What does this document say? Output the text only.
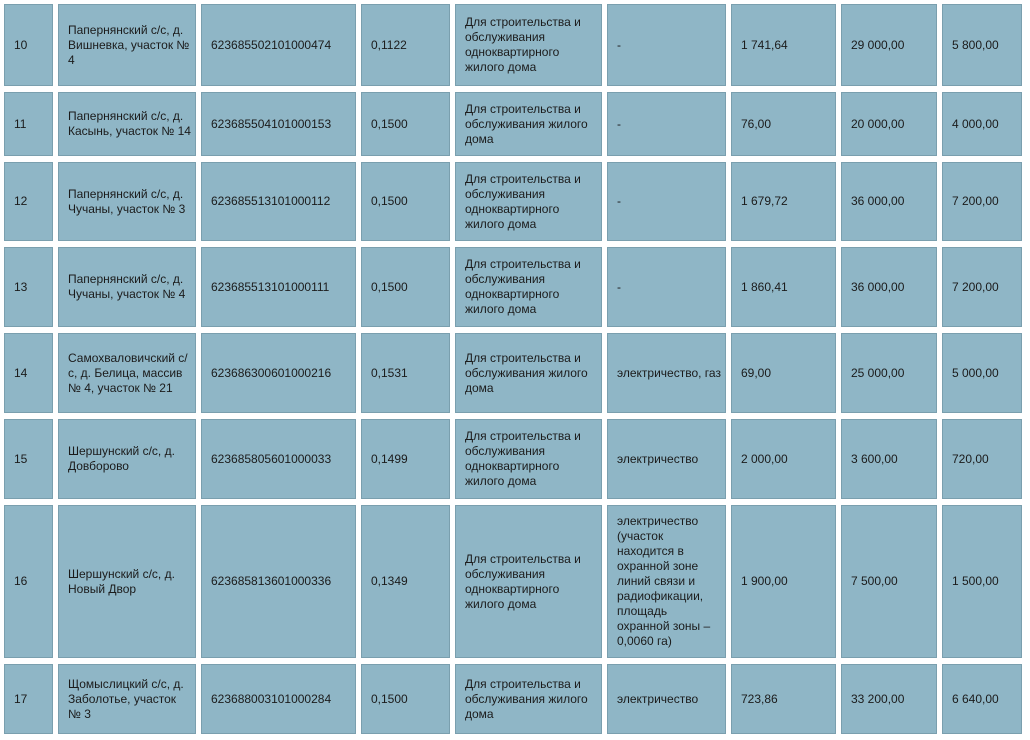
10	Папернянский с/с, д. Вишневка, участок № 4	623685502101000474	0,1122	Для строительства и обслуживания одноквартирного жилого дома	-	1 741,64	29 000,00	5 800,00
11	Папернянский с/с, д. Касынь, участок № 14	623685504101000153	0,1500	Для строительства и обслуживания жилого дома	-	76,00	20 000,00	4 000,00
12	Папернянский с/с, д. Чучаны, участок № 3	623685513101000112	0,1500	Для строительства и обслуживания одноквартирного жилого дома	-	1 679,72	36 000,00	7 200,00
13	Папернянский с/с, д. Чучаны, участок № 4	623685513101000111	0,1500	Для строительства и обслуживания одноквартирного жилого дома	-	1 860,41	36 000,00	7 200,00
14	Самохваловичский с/с, д. Белица, массив № 4, участок № 21	623686300601000216	0,1531	Для строительства и обслуживания жилого дома	электричество, газ	69,00	25 000,00	5 000,00
15	Шершунский с/с, д. Довборово	623685805601000033	0,1499	Для строительства и обслуживания одноквартирного жилого дома	электричество	2 000,00	3 600,00	720,00
16	Шершунский с/с, д. Новый Двор	623685813601000336	0,1349	Для строительства и обслуживания одноквартирного жилого дома	электричество (участок находится в охранной зоне линий связи и радиофикации, площадь охранной зоны – 0,0060 га)	1 900,00	7 500,00	1 500,00
17	Щомыслицкий с/с, д. Заболотье, участок № 3	623688003101000284	0,1500	Для строительства и обслуживания жилого дома	электричество	723,86	33 200,00	6 640,00
